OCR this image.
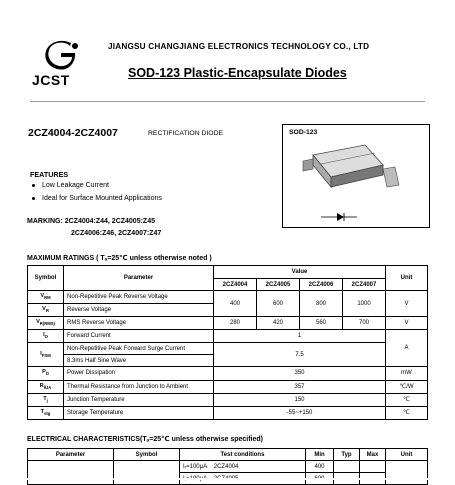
JCST
JIANGSU CHANGJIANG ELECTRONICS TECHNOLOGY CO., LTD
SOD-123 Plastic-Encapsulate Diodes
2CZ4004-2CZ4007	RECTIFICATION DIODE	SOD-123
FEATURES
Low Leakage Current
Ideal for Surface Mounted Applications
MARKING: 2CZ4004:Z44, 2CZ4005:Z45
2CZ4006:Z46, 2CZ4007:Z47
MAXIMUM RATINGS ( Tₐ=25℃ unless otherwise noted )
Symbol	Parameter	Value				Unit
		2CZ4004	2CZ4005	2CZ4006	2CZ4007	
$V_{RM}$	Non-Repetitive Peak Reverse Voltage	400	600	800	1000	V
$V_R$	Reverse Voltage					
$V_{R(RMS)}$	RMS Reverse Voltage	280	420	560	700	V
$I_O$	Forward Current	1				A
$I_{FSM}$	Non-Repetitive Peak Forward Surge Current	7.5				
	8.3ms Half Sine Wave					
$P_D$	Power Dissipation	350				mW
$R_{\theta JA}$	Thermal Resistance from Junction to Ambient	357				℃/W
$T_j$	Junction Temperature	150				℃
$T_{stg}$	Storage Temperature	-55~+150				℃
ELECTRICAL CHARACTERISTICS(Tₐ=25℃ unless otherwise specified)
Parameter	Symbol	Test conditions	Min	Typ	Max	Unit
		Iᵣ=100μA 2CZ4004	400			
